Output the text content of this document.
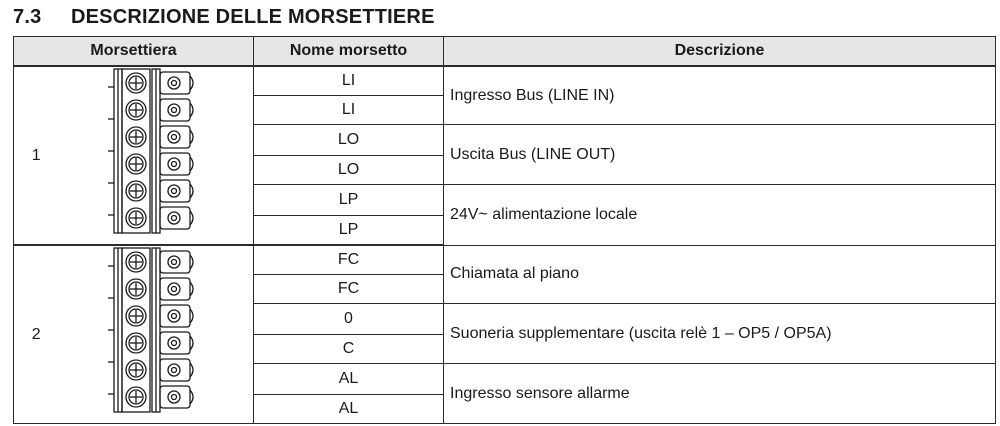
7.3 DESCRIZIONE DELLE MORSETTIERE
Morsettiera		Nome morsetto	Descrizione
1		LI	Ingresso Bus (LINE IN)
		LI	
		LO	Uscita Bus (LINE OUT)
		LO	
		LP	24V~ alimentazione locale
		LP	
2		FC	Chiamata al piano
		FC	
		0	Suoneria supplementare (uscita relè 1 – OP5 / OP5A)
		C	
		AL	Ingresso sensore allarme
		AL	
